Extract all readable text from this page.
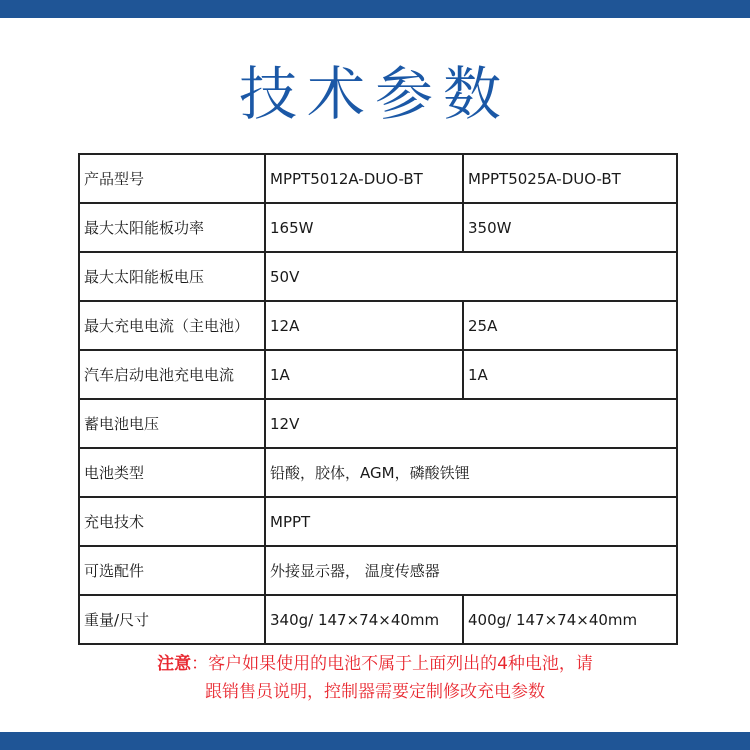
技术参数
产品型号	MPPT5012A-DUO-BT	MPPT5025A-DUO-BT
最大太阳能板功率	165W	350W
最大太阳能板电压	50V	
最大充电电流（主电池）	12A	25A
汽车启动电池充电电流	1A	1A
蓄电池电压	12V	
电池类型	铅酸，胶体，AGM，磷酸铁锂	
充电技术	MPPT	
可选配件	外接显示器， 温度传感器	
重量/尺寸	340g/ 147×74×40mm	400g/ 147×74×40mm
注意：客户如果使用的电池不属于上面列出的4种电池，请
跟销售员说明，控制器需要定制修改充电参数
